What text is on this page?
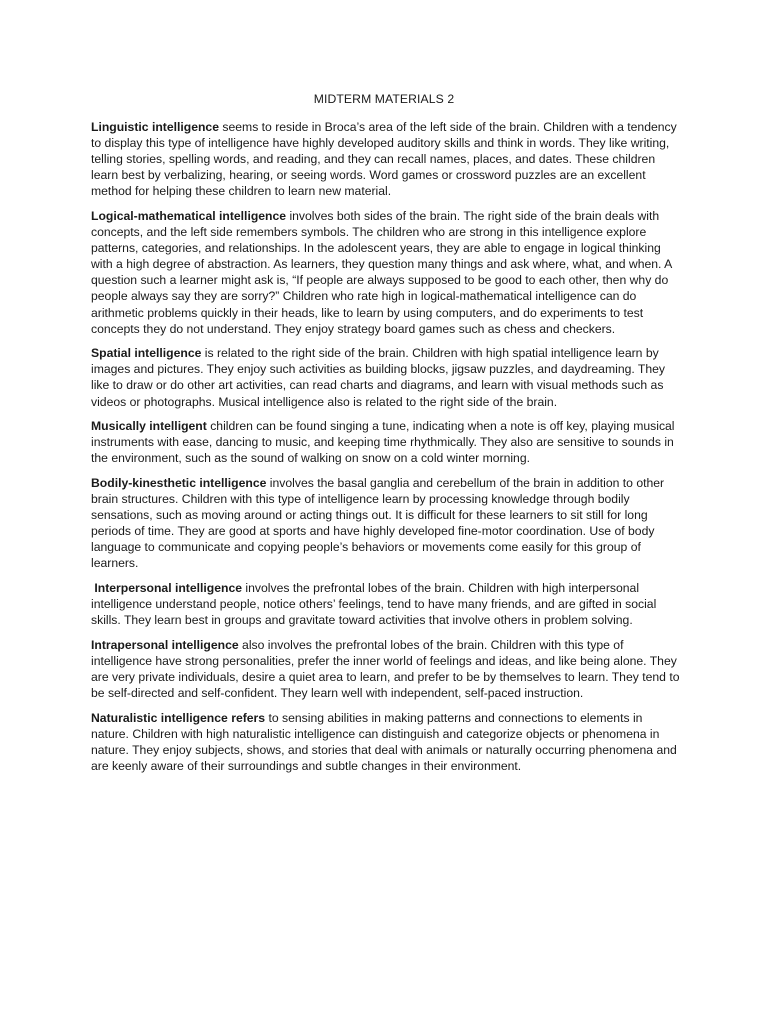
MIDTERM MATERIALS 2

Linguistic intelligence seems to reside in Broca’s area of the left side of the brain. Children with a tendency to display this type of intelligence have highly developed auditory skills and think in words. They like writing, telling stories, spelling words, and reading, and they can recall names, places, and dates. These children learn best by verbalizing, hearing, or seeing words. Word games or crossword puzzles are an excellent method for helping these children to learn new material.

Logical-mathematical intelligence involves both sides of the brain. The right side of the brain deals with concepts, and the left side remembers symbols. The children who are strong in this intelligence explore patterns, categories, and relationships. In the adolescent years, they are able to engage in logical thinking with a high degree of abstraction. As learners, they question many things and ask where, what, and when. A question such a learner might ask is, “If people are always supposed to be good to each other, then why do people always say they are sorry?” Children who rate high in logical-mathematical intelligence can do arithmetic problems quickly in their heads, like to learn by using computers, and do experiments to test concepts they do not understand. They enjoy strategy board games such as chess and checkers.

Spatial intelligence is related to the right side of the brain. Children with high spatial intelligence learn by images and pictures. They enjoy such activities as building blocks, jigsaw puzzles, and daydreaming. They like to draw or do other art activities, can read charts and diagrams, and learn with visual methods such as videos or photographs. Musical intelligence also is related to the right side of the brain.

Musically intelligent children can be found singing a tune, indicating when a note is off key, playing musical instruments with ease, dancing to music, and keeping time rhythmically. They also are sensitive to sounds in the environment, such as the sound of walking on snow on a cold winter morning.

Bodily-kinesthetic intelligence involves the basal ganglia and cerebellum of the brain in addition to other brain structures. Children with this type of intelligence learn by processing knowledge through bodily sensations, such as moving around or acting things out. It is difficult for these learners to sit still for long periods of time. They are good at sports and have highly developed fine-motor coordination. Use of body language to communicate and copying people’s behaviors or movements come easily for this group of learners.

Interpersonal intelligence involves the prefrontal lobes of the brain. Children with high interpersonal intelligence understand people, notice others’ feelings, tend to have many friends, and are gifted in social skills. They learn best in groups and gravitate toward activities that involve others in problem solving.

Intrapersonal intelligence also involves the prefrontal lobes of the brain. Children with this type of intelligence have strong personalities, prefer the inner world of feelings and ideas, and like being alone. They are very private individuals, desire a quiet area to learn, and prefer to be by themselves to learn. They tend to be self-directed and self-confident. They learn well with independent, self-paced instruction.

Naturalistic intelligence refers to sensing abilities in making patterns and connections to elements in nature. Children with high naturalistic intelligence can distinguish and categorize objects or phenomena in nature. They enjoy subjects, shows, and stories that deal with animals or naturally occurring phenomena and are keenly aware of their surroundings and subtle changes in their environment.
